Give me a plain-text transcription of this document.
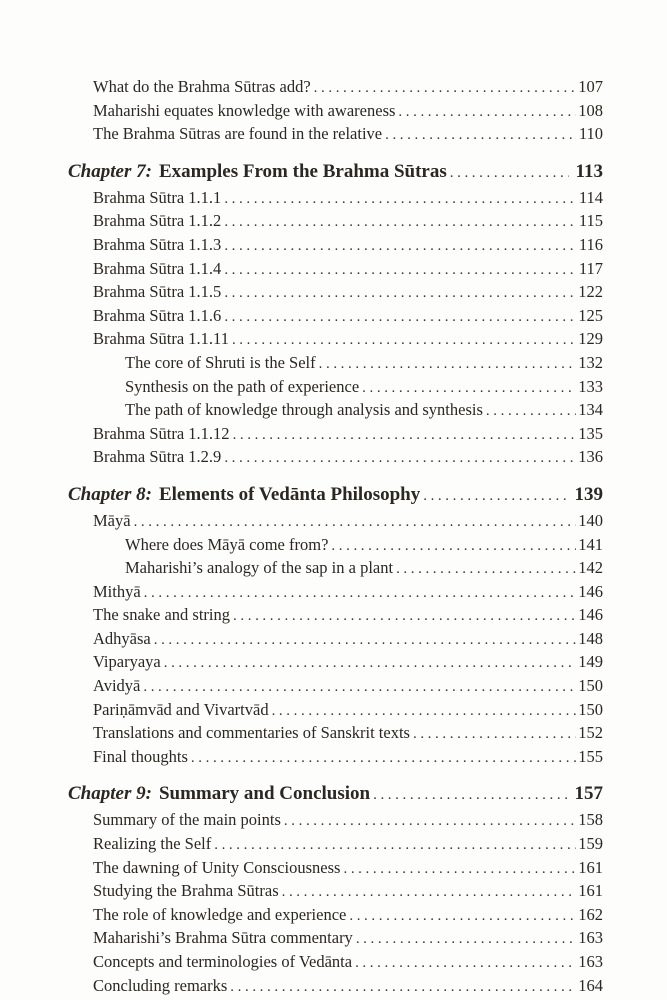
What do the Brahma Sūtras add? .....	107
Maharishi equates knowledge with awareness .....	108
The Brahma Sūtras are found in the relative .....	110
Chapter 7: Examples From the Brahma Sūtras .....	113
Brahma Sūtra 1.1.1 .....	114
Brahma Sūtra 1.1.2 .....	115
Brahma Sūtra 1.1.3 .....	116
Brahma Sūtra 1.1.4 .....	117
Brahma Sūtra 1.1.5 .....	122
Brahma Sūtra 1.1.6 .....	125
Brahma Sūtra 1.1.11 .....	129
The core of Shruti is the Self .....	132
Synthesis on the path of experience .....	133
The path of knowledge through analysis and synthesis .....	134
Brahma Sūtra 1.1.12 .....	135
Brahma Sūtra 1.2.9 .....	136
Chapter 8: Elements of Vedānta Philosophy .....	139
Māyā .....	140
Where does Māyā come from? .....	141
Maharishi’s analogy of the sap in a plant .....	142
Mithyā .....	146
The snake and string .....	146
Adhyāsa .....	148
Viparyaya .....	149
Avidyā .....	150
Pariṇāmvād and Vivartvād .....	150
Translations and commentaries of Sanskrit texts .....	152
Final thoughts .....	155
Chapter 9: Summary and Conclusion .....	157
Summary of the main points .....	158
Realizing the Self .....	159
The dawning of Unity Consciousness .....	161
Studying the Brahma Sūtras .....	161
The role of knowledge and experience .....	162
Maharishi’s Brahma Sūtra commentary .....	163
Concepts and terminologies of Vedānta .....	163
Concluding remarks .....	164
